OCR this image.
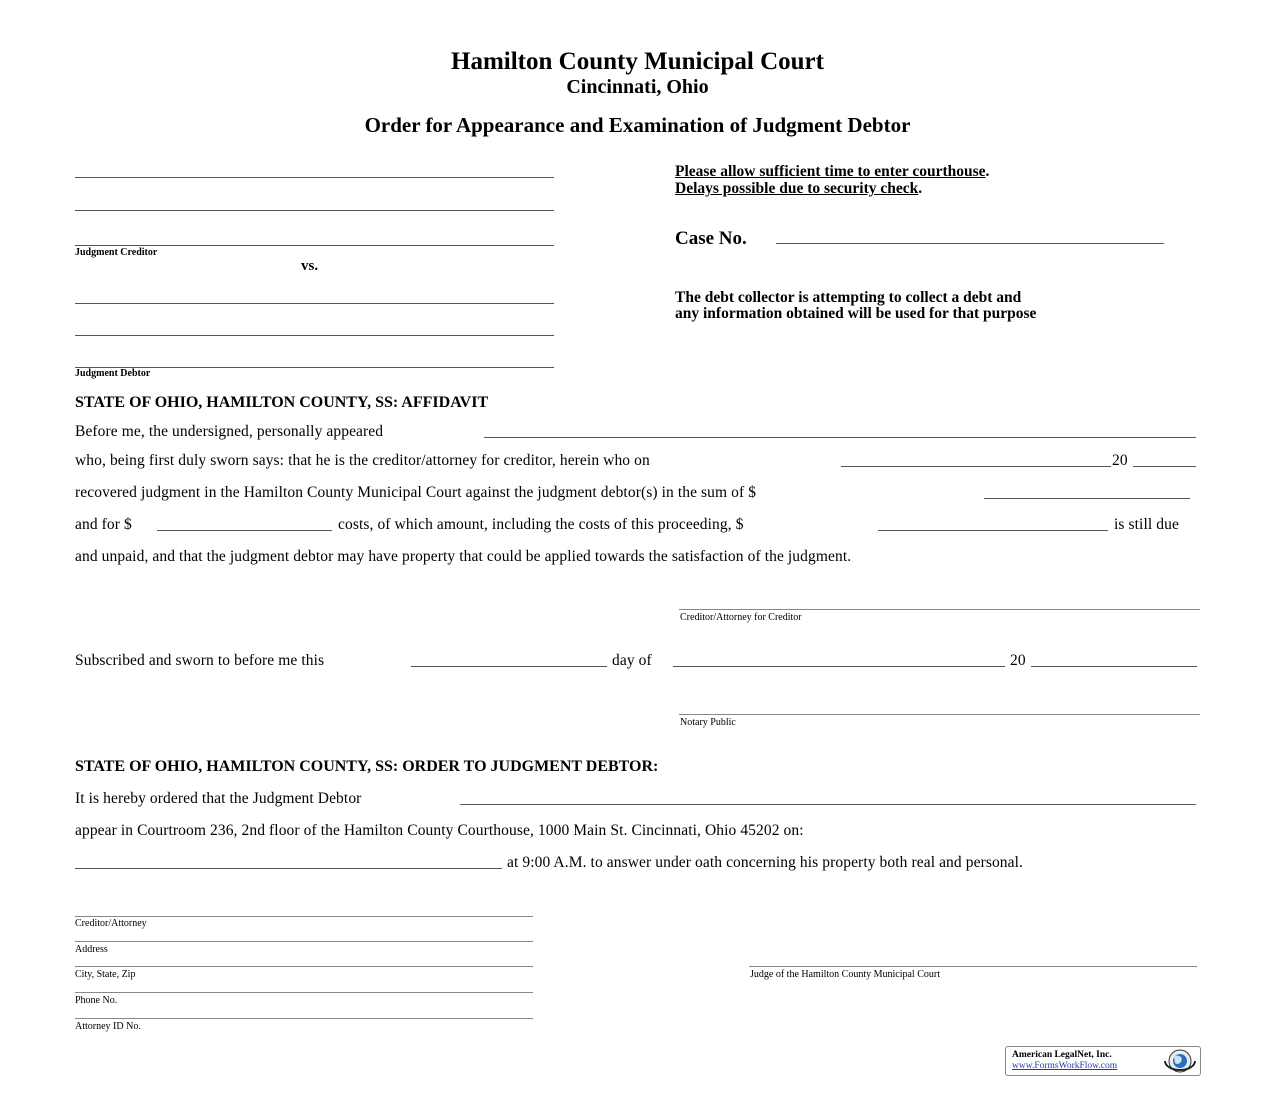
Hamilton County Municipal Court
Cincinnati, Ohio
Order for Appearance and Examination of Judgment Debtor
Judgment Creditor
vs.
Judgment Debtor
Please allow sufficient time to enter courthouse.
Delays possible due to security check.
Case No.
The debt collector is attempting to collect a debt and
any information obtained will be used for that purpose
STATE OF OHIO, HAMILTON COUNTY, SS: AFFIDAVIT
Before me, the undersigned, personally appeared
who, being first duly sworn says: that he is the creditor/attorney for creditor, herein who on	20
recovered judgment in the Hamilton County Municipal Court against the judgment debtor(s) in the sum of $
and for $	costs, of which amount, including the costs of this proceeding, $	is still due
and unpaid, and that the judgment debtor may have property that could be applied towards the satisfaction of the judgment.
Creditor/Attorney for Creditor
Subscribed and sworn to before me this	day of	20
Notary Public
STATE OF OHIO, HAMILTON COUNTY, SS: ORDER TO JUDGMENT DEBTOR:
It is hereby ordered that the Judgment Debtor
appear in Courtroom 236, 2nd floor of the Hamilton County Courthouse, 1000 Main St. Cincinnati, Ohio 45202 on:
at 9:00 A.M. to answer under oath concerning his property both real and personal.
Creditor/Attorney
Address
City, State, Zip
Phone No.
Attorney ID No.
Judge of the Hamilton County Municipal Court
American LegalNet, Inc.
www.FormsWorkFlow.com
